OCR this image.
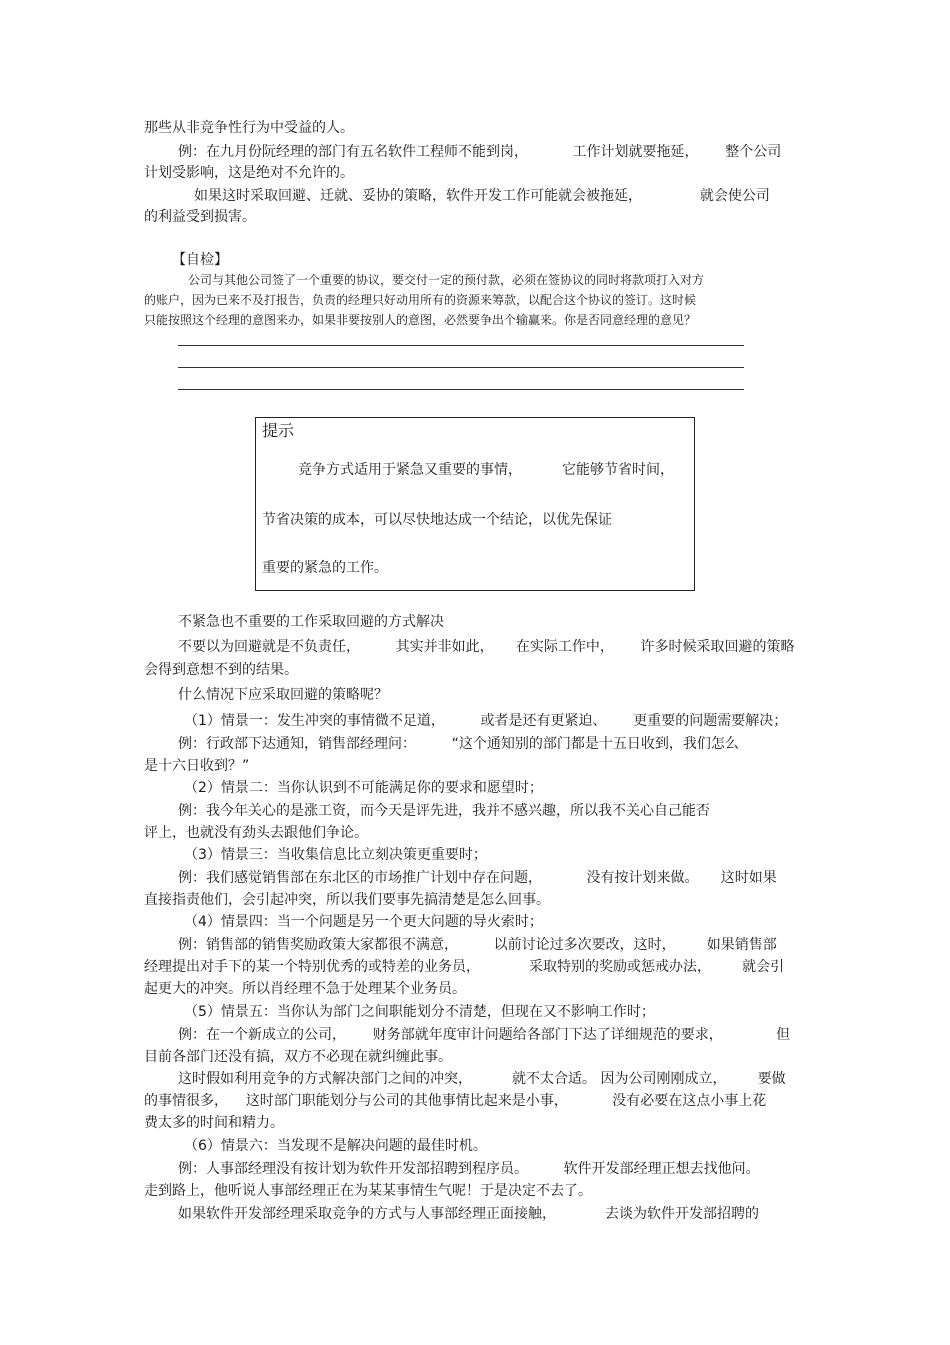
那些从非竞争性行为中受益的人。

例：在九月份阮经理的部门有五名软件工程师不能到岗，          工作计划就要拖延，      整个公司

计划受影响，这是绝对不允许的。

如果这时采取回避、迁就、妥协的策略，软件开发工作可能就会被拖延，             就会使公司

的利益受到损害。

【自检】

公司与其他公司签了一个重要的协议，要交付一定的预付款，必须在签协议的同时将款项打入对方

的账户，因为已来不及打报告，负责的经理只好动用所有的资源来筹款，以配合这个协议的签订。这时候

只能按照这个经理的意图来办，如果非要按别人的意图，必然要争出个输赢来。你是否同意经理的意见？

提示

竞争方式适用于紧急又重要的事情，         它能够节省时间，

节省决策的成本，可以尽快地达成一个结论，以优先保证

重要的紧急的工作。

不紧急也不重要的工作采取回避的方式解决

不要以为回避就是不负责任，        其实并非如此，     在实际工作中，      许多时候采取回避的策略

会得到意想不到的结果。

什么情况下应采取回避的策略呢？

（1）情景一：发生冲突的事情微不足道，        或者是还有更紧迫、      更重要的问题需要解决；

例：行政部下达通知，销售部经理问：        “这个通知别的部门都是十五日收到，我们怎么

是十六日收到？”

（2）情景二：当你认识到不可能满足你的要求和愿望时；

例：我今年关心的是涨工资，而今天是评先进，我并不感兴趣，所以我不关心自己能否

评上，也就没有劲头去跟他们争论。

（3）情景三：当收集信息比立刻决策更重要时；

例：我们感觉销售部在东北区的市场推广计划中存在问题，          没有按计划来做。     这时如果

直接指责他们，会引起冲突，所以我们要事先搞清楚是怎么回事。

（4）情景四：当一个问题是另一个更大问题的导火索时；

例：销售部的销售奖励政策大家都很不满意，        以前讨论过多次要改，这时，       如果销售部

经理提出对手下的某一个特别优秀的或特差的业务员，           采取特别的奖励或惩戒办法，       就会引

起更大的冲突。所以肖经理不急于处理某个业务员。

（5）情景五：当你认为部门之间职能划分不清楚，但现在又不影响工作时；

例：在一个新成立的公司，      财务部就年度审计问题给各部门下达了详细规范的要求，            但

目前各部门还没有搞，双方不必现在就纠缠此事。

这时假如利用竞争的方式解决部门之间的冲突，         就不太合适。 因为公司刚刚成立，       要做

的事情很多，    这时部门职能划分与公司的其他事情比起来是小事，          没有必要在这点小事上花

费太多的时间和精力。

（6）情景六：当发现不是解决问题的最佳时机。

例：人事部经理没有按计划为软件开发部招聘到程序员。        软件开发部经理正想去找他问。

走到路上，他听说人事部经理正在为某某事情生气呢！于是决定不去了。

如果软件开发部经理采取竞争的方式与人事部经理正面接触，           去谈为软件开发部招聘的
